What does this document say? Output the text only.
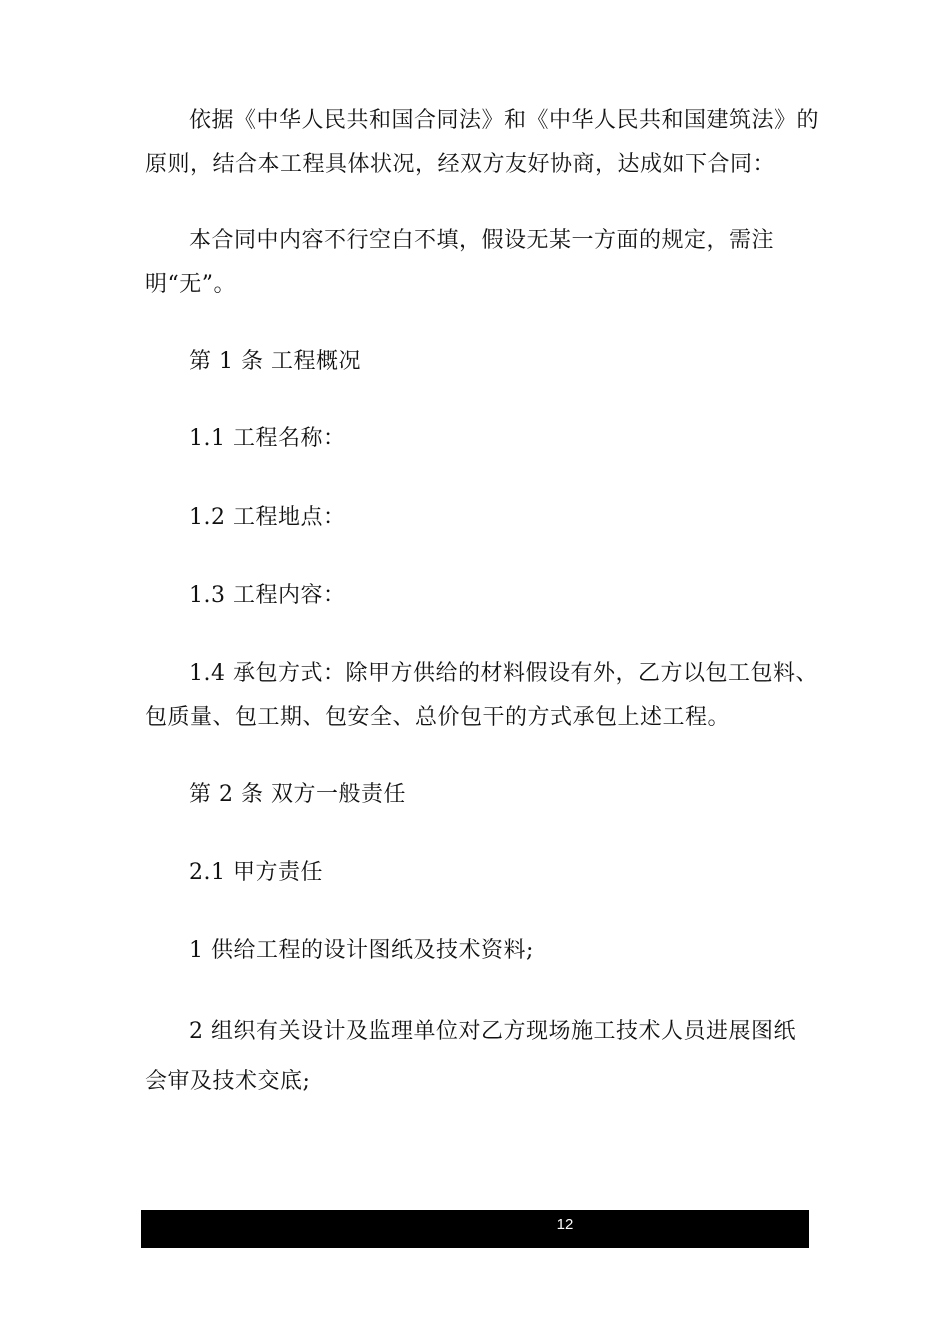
依据《中华人民共和国合同法》和《中华人民共和国建筑法》的
原则，结合本工程具体状况，经双方友好协商，达成如下合同：
本合同中内容不行空白不填，假设无某一方面的规定，需注
明“无”。
第 1 条 工程概况
1.1 工程名称：
1.2 工程地点：
1.3 工程内容：
1.4 承包方式：除甲方供给的材料假设有外，乙方以包工包料、
包质量、包工期、包安全、总价包干的方式承包上述工程。
第 2 条 双方一般责任
2.1 甲方责任
1 供给工程的设计图纸及技术资料;
2 组织有关设计及监理单位对乙方现场施工技术人员进展图纸
会审及技术交底;
12
